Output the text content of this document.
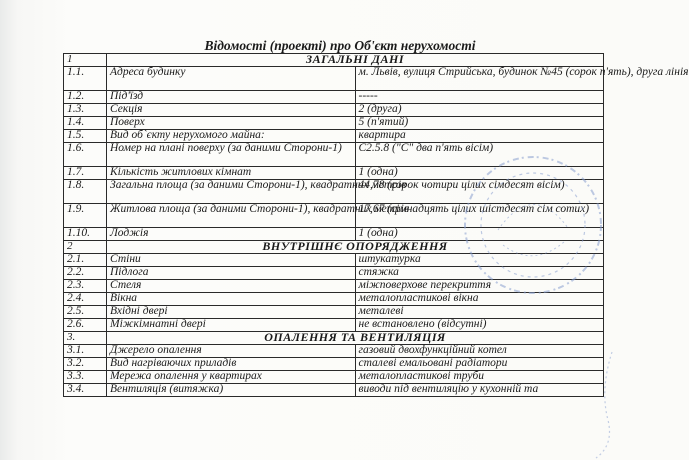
Відомості (проекті) про Об'єкт нерухомості
1	ЗАГАЛЬНІ ДАНІ	
1.1.	Адреса будинку	м. Львів, вулиця Стрийська, будинок №45 (сорок п'ять), друга лінія
1.2.	Під'їзд	-----
1.3.	Секція	2 (друга)
1.4.	Поверх	5 (п'ятий)
1.5.	Вид об`єкту нерухомого майна:	квартира
1.6.	Номер на плані поверху (за даними Сторони-1)	С2.5.8 ("С" два п'ять вісім)
1.7.	Кількість житлових кімнат	1 (одна)
1.8.	Загальна площа (за даними Сторони-1), квадратних метрів	44,78 (сорок чотири цілих сімдесят вісім)
1.9.	Житлова площа (за даними Сторони-1), квадратних метрів	17,67 (сімнадцять цілих шістдесят сім сотих)
1.10.	Лоджія	1 (одна)
2	ВНУТРІШНЄ ОПОРЯДЖЕННЯ	
2.1.	Стіни	штукатурка
2.2.	Підлога	стяжка
2.3.	Стеля	міжповерхове перекриття
2.4.	Вікна	металопластикові вікна
2.5.	Вхідні двері	металеві
2.6.	Міжкімнатні двері	не встановлено (відсутні)
3.	ОПАЛЕННЯ ТА ВЕНТИЛЯЦІЯ	
3.1.	Джерело опалення	газовий двохфункційний котел
3.2.	Вид нагріваючих приладів	сталеві емальовані радіатори
3.3.	Мережа опалення у квартирах	металопластикові труби
3.4.	Вентиляція (витяжка)	виводи під вентиляцію у кухонній та
